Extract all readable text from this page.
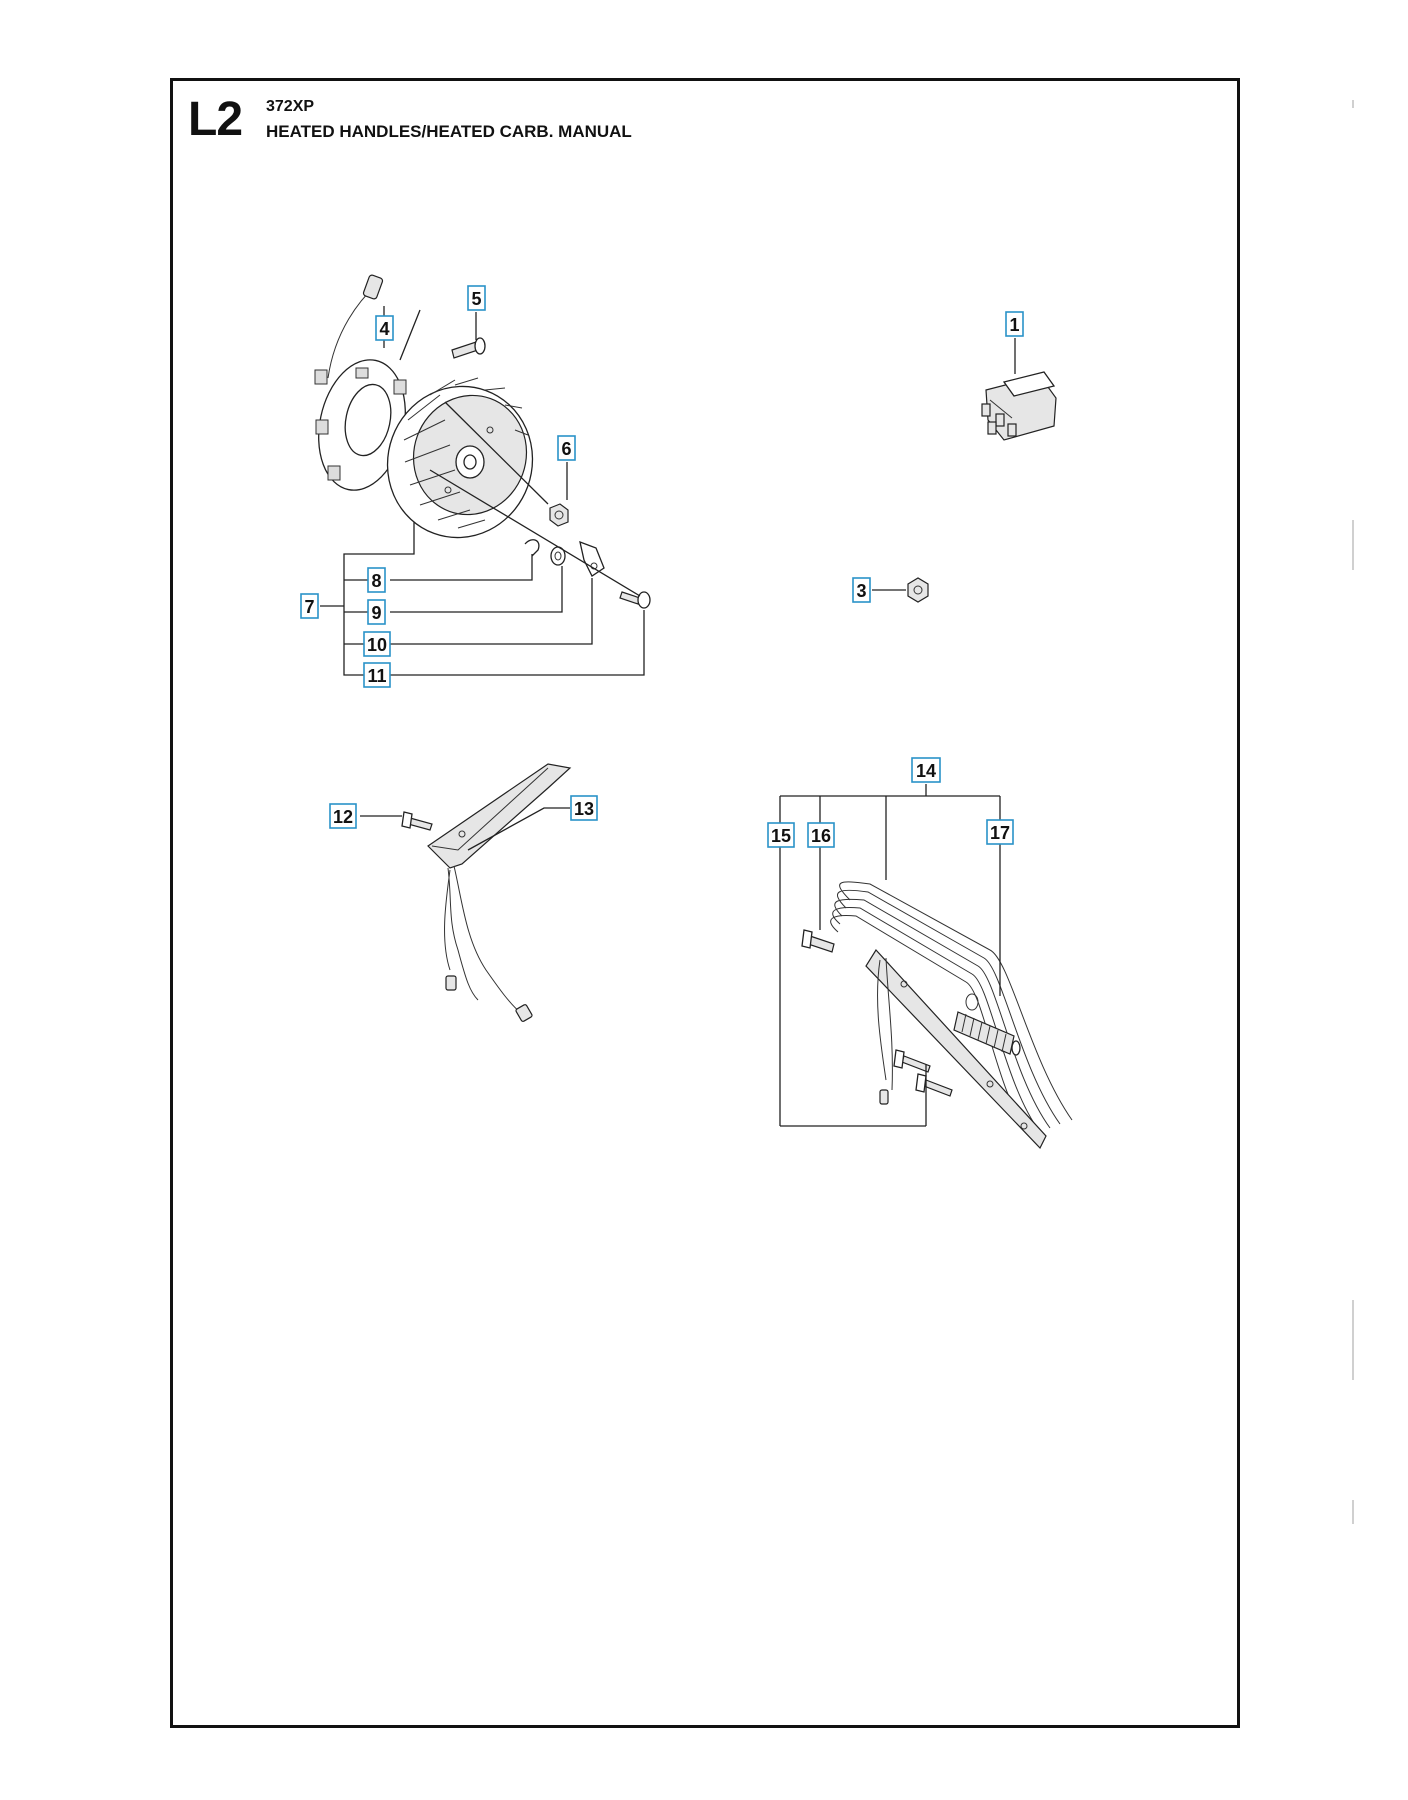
L2 372XP
HEATED HANDLES/HEATED CARB. MANUAL
4
5
6
7
8
9
10
11
1
3
12	13
14
15 16	17
